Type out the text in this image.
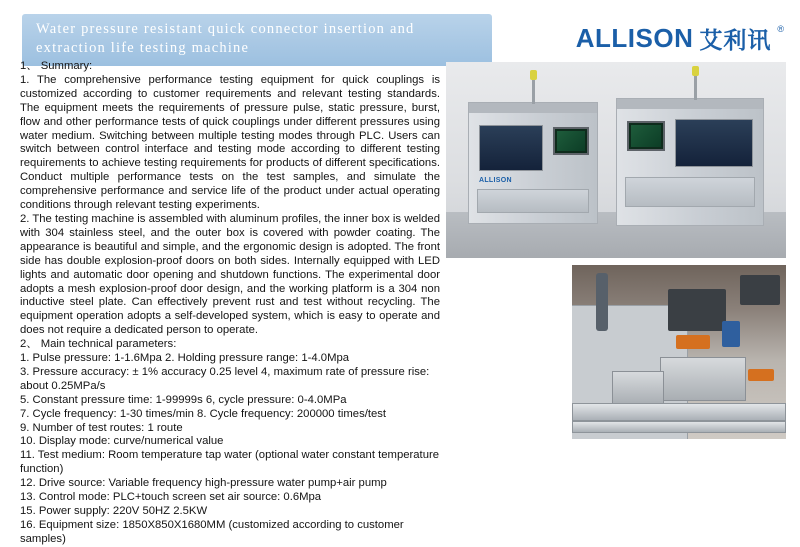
Water pressure resistant quick connector insertion and
extraction life testing machine	ALLISON 艾利讯 ®

1、 Summary:

1. The comprehensive performance testing equipment for quick couplings is customized according to customer requirements and relevant testing standards. The equipment meets the requirements of pressure pulse, static pressure, burst, flow and other performance tests of quick couplings under different pressures using water medium. Switching between multiple testing modes through PLC. Users can switch between control interface and testing mode according to different testing requirements to achieve testing requirements for products of different specifications. Conduct multiple performance tests on the test samples, and simulate the comprehensive performance and service life of the product under actual operating conditions through relevant testing experiments.

2. The testing machine is assembled with aluminum profiles, the inner box is welded with 304 stainless steel, and the outer box is covered with powder coating. The appearance is beautiful and simple, and the ergonomic design is adopted. The front side has double explosion-proof doors on both sides. Internally equipped with LED lights and automatic door opening and shutdown functions. The experimental door adopts a mesh explosion-proof door design, and the working platform is a 304 non inductive steel plate. Can effectively prevent rust and test without recycling. The equipment operation adopts a self-developed system, which is easy to operate and does not require a dedicated person to operate.

2、 Main technical parameters:

1. Pulse pressure: 1-1.6Mpa 2. Holding pressure range: 1-4.0Mpa

3. Pressure accuracy: ± 1% accuracy 0.25 level 4, maximum rate of pressure rise: about 0.25MPa/s

5. Constant pressure time: 1-99999s 6, cycle pressure: 0-4.0MPa

7. Cycle frequency: 1-30 times/min 8. Cycle frequency: 200000 times/test

9. Number of test routes: 1 route

10. Display mode: curve/numerical value

11. Test medium: Room temperature tap water (optional water constant temperature function)

12. Drive source: Variable frequency high-pressure water pump+air pump

13. Control mode: PLC+touch screen set air source: 0.6Mpa

15. Power supply: 220V 50HZ 2.5KW

16. Equipment size: 1850X850X1680MM (customized according to customer samples)

ALLISON
